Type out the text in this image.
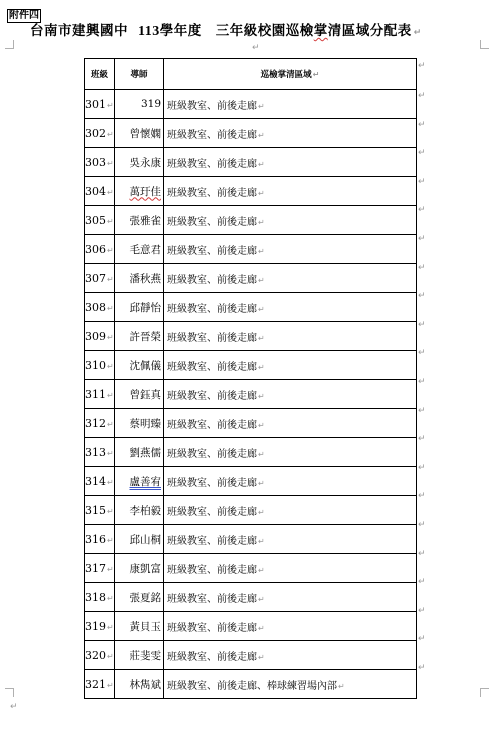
附件四
台南市建興國中 113學年度 三年級校園巡檢掌清區域分配表 ↵
↵
班級	導師	巡檢掌清區域↵
301↵	319	班級教室、前後走廊↵
302↵	曾懷嫻	班級教室、前後走廊↵
303↵	吳永康	班級教室、前後走廊↵
304↵	萬玗佳	班級教室、前後走廊↵
305↵	張雅雀	班級教室、前後走廊↵
306↵	毛意君	班級教室、前後走廊↵
307↵	潘秋燕	班級教室、前後走廊↵
308↵	邱靜怡	班級教室、前後走廊↵
309↵	許晉榮	班級教室、前後走廊↵
310↵	沈佩儀	班級教室、前後走廊↵
311↵	曾鈺真	班級教室、前後走廊↵
312↵	蔡明臻	班級教室、前後走廊↵
313↵	劉燕儒	班級教室、前後走廊↵
314↵	盧善宥	班級教室、前後走廊↵
315↵	李柏毅	班級教室、前後走廊↵
316↵	邱山桐	班級教室、前後走廊↵
317↵	康凱富	班級教室、前後走廊↵
318↵	張夏銘	班級教室、前後走廊↵
319↵	黃貝玉	班級教室、前後走廊↵
320↵	莊斐雯	班級教室、前後走廊↵
321↵	林雋斌	班級教室、前後走廊、棒球練習場內部↵
↵
↵
↵
↵
↵
↵
↵
↵
↵
↵
↵
↵
↵
↵
↵
↵
↵
↵
↵
↵
↵
↵
↵
